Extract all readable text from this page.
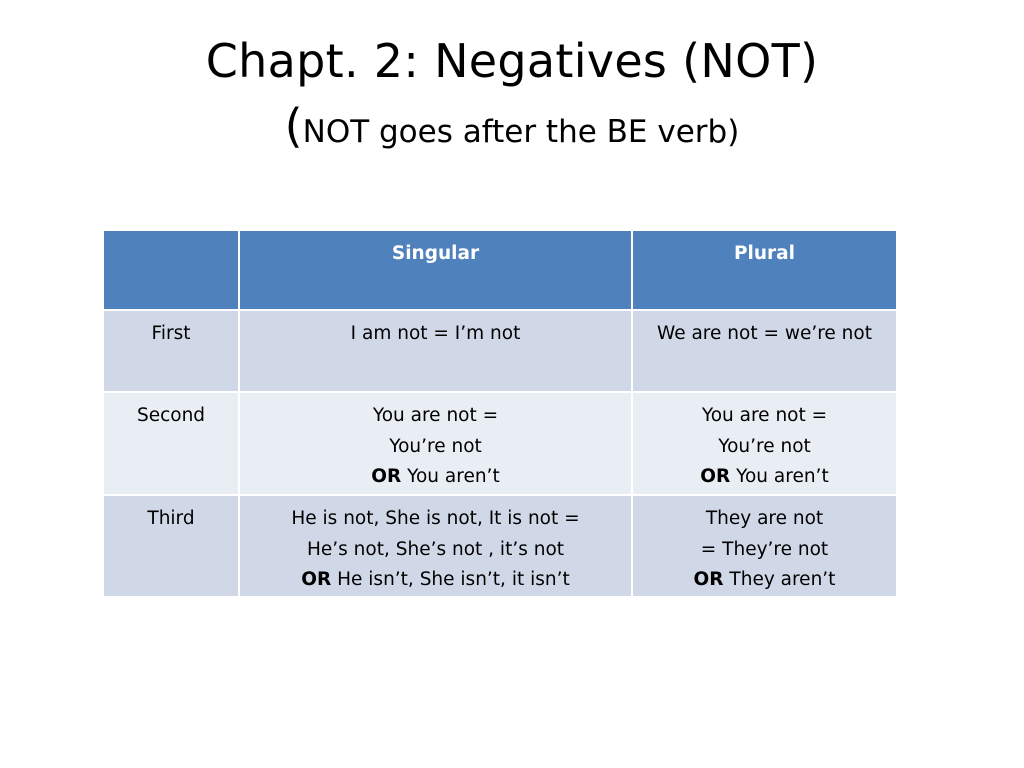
Chapt. 2: Negatives (NOT)

(NOT goes after the BE verb)

	Singular	Plural
First	I am not = I’m not	We are not = we’re not

Second	You are not =
You’re not
OR You aren’t	You are not =
You’re not
OR You aren’t

Third	He is not, She is not, It is not =
He’s not, She’s not , it’s not
OR He isn’t, She isn’t, it isn’t	They are not
= They’re not
OR They aren’t
